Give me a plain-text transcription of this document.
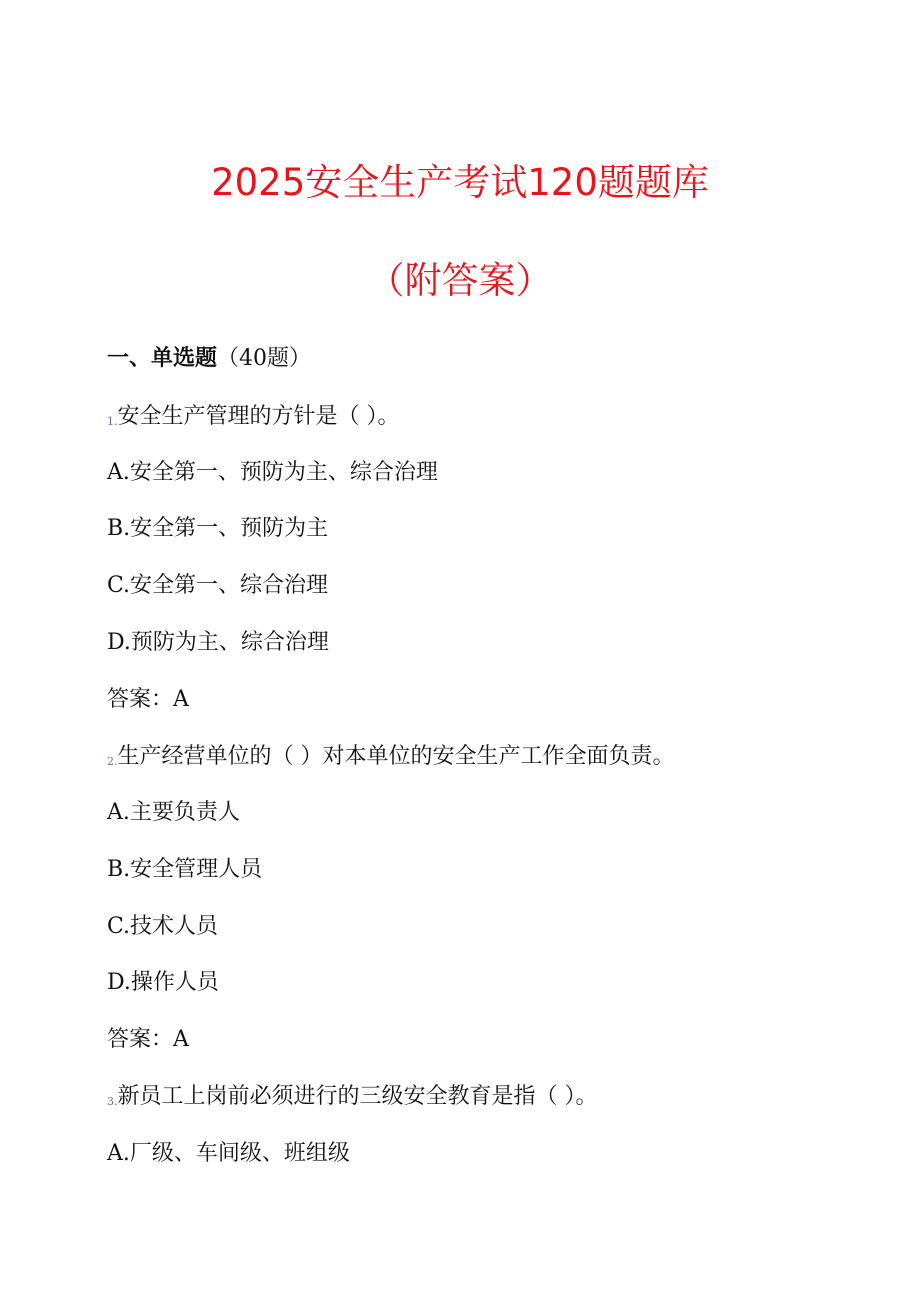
2025安全生产考试120题题库
（附答案）
一、单选题（40题）
1.安全生产管理的方针是（ ）。
A.安全第一、预防为主、综合治理
B.安全第一、预防为主
C.安全第一、综合治理
D.预防为主、综合治理
答案：A
2.生产经营单位的（ ）对本单位的安全生产工作全面负责。
A.主要负责人
B.安全管理人员
C.技术人员
D.操作人员
答案：A
3.新员工上岗前必须进行的三级安全教育是指（ ）。
A.厂级、车间级、班组级
